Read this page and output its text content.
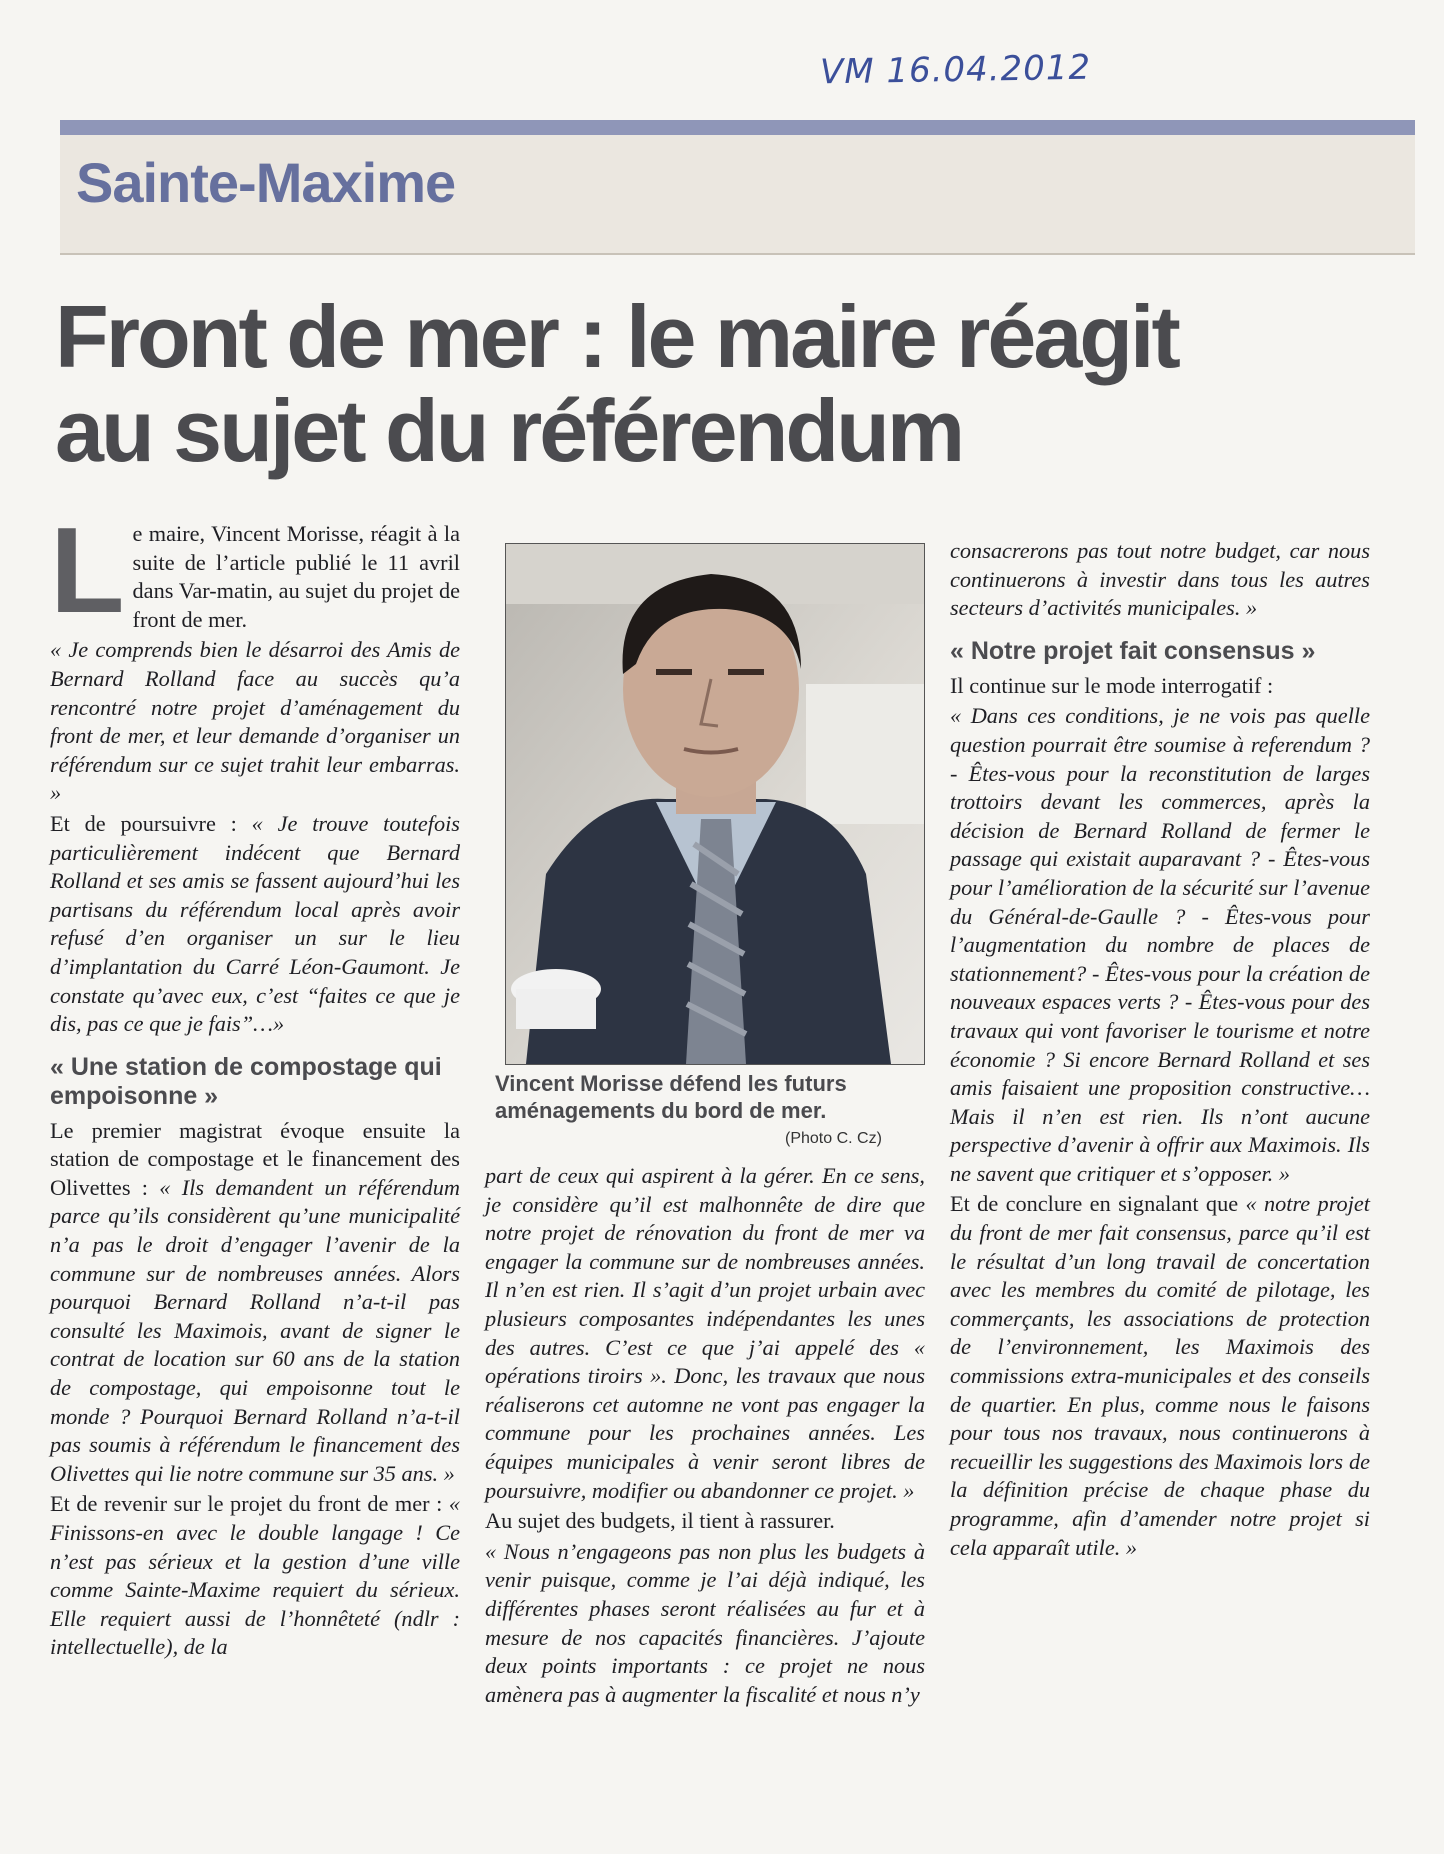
VM 16.04.2012
Sainte-Maxime
Front de mer : le maire réagit
au sujet du référendum

L e maire, Vincent Morisse, réagit à la suite de l’article publié le 11 avril dans Var-matin, au sujet du projet de front de mer.

« Je comprends bien le désarroi des Amis de Bernard Rolland face au succès qu’a rencontré notre projet d’aménagement du front de mer, et leur demande d’organiser un référendum sur ce sujet trahit leur embarras. »

Et de poursuivre : « Je trouve toutefois particulièrement indécent que Bernard Rolland et ses amis se fassent aujourd’hui les partisans du référendum local après avoir refusé d’en organiser un sur le lieu d’implantation du Carré Léon-Gaumont. Je constate qu’avec eux, c’est “faites ce que je dis, pas ce que je fais”…»

« Une station de compostage qui empoisonne »

Le premier magistrat évoque ensuite la station de compostage et le financement des Olivettes : « Ils demandent un référendum parce qu’ils considèrent qu’une municipalité n’a pas le droit d’engager l’avenir de la commune sur de nombreuses années. Alors pourquoi Bernard Rolland n’a-t-il pas consulté les Maximois, avant de signer le contrat de location sur 60 ans de la station de compostage, qui empoisonne tout le monde ? Pourquoi Bernard Rolland n’a-t-il pas soumis à référendum le financement des Olivettes qui lie notre commune sur 35 ans. »

Et de revenir sur le projet du front de mer : « Finissons-en avec le double langage ! Ce n’est pas sérieux et la gestion d’une ville comme Sainte-Maxime requiert du sérieux. Elle requiert aussi de l’honnêteté (ndlr : intellectuelle), de la

Vincent Morisse défend les futurs aménagements du bord de mer.
(Photo C. Cz)

part de ceux qui aspirent à la gérer. En ce sens, je considère qu’il est malhonnête de dire que notre projet de rénovation du front de mer va engager la commune sur de nombreuses années. Il n’en est rien. Il s’agit d’un projet urbain avec plusieurs composantes indépendantes les unes des autres. C’est ce que j’ai appelé des « opérations tiroirs ». Donc, les travaux que nous réaliserons cet automne ne vont pas engager la commune pour les prochaines années. Les équipes municipales à venir seront libres de poursuivre, modifier ou abandonner ce projet. »

Au sujet des budgets, il tient à rassurer.

« Nous n’engageons pas non plus les budgets à venir puisque, comme je l’ai déjà indiqué, les différentes phases seront réalisées au fur et à mesure de nos capacités financières. J’ajoute deux points importants : ce projet ne nous amènera pas à augmenter la fiscalité et nous n’y

consacrerons pas tout notre budget, car nous continuerons à investir dans tous les autres secteurs d’activités municipales. »

« Notre projet fait consensus »

Il continue sur le mode interrogatif :

« Dans ces conditions, je ne vois pas quelle question pourrait être soumise à referendum ? - Êtes-vous pour la reconstitution de larges trottoirs devant les commerces, après la décision de Bernard Rolland de fermer le passage qui existait auparavant ? - Êtes-vous pour l’amélioration de la sécurité sur l’avenue du Général-de-Gaulle ? - Êtes-vous pour l’augmentation du nombre de places de stationnement? - Êtes-vous pour la création de nouveaux espaces verts ? - Êtes-vous pour des travaux qui vont favoriser le tourisme et notre économie ? Si encore Bernard Rolland et ses amis faisaient une proposition constructive… Mais il n’en est rien. Ils n’ont aucune perspective d’avenir à offrir aux Maximois. Ils ne savent que critiquer et s’opposer. »

Et de conclure en signalant que « notre projet du front de mer fait consensus, parce qu’il est le résultat d’un long travail de concertation avec les membres du comité de pilotage, les commerçants, les associations de protection de l’environnement, les Maximois des commissions extra-municipales et des conseils de quartier. En plus, comme nous le faisons pour tous nos travaux, nous continuerons à recueillir les suggestions des Maximois lors de la définition précise de chaque phase du programme, afin d’amender notre projet si cela apparaît utile. »
